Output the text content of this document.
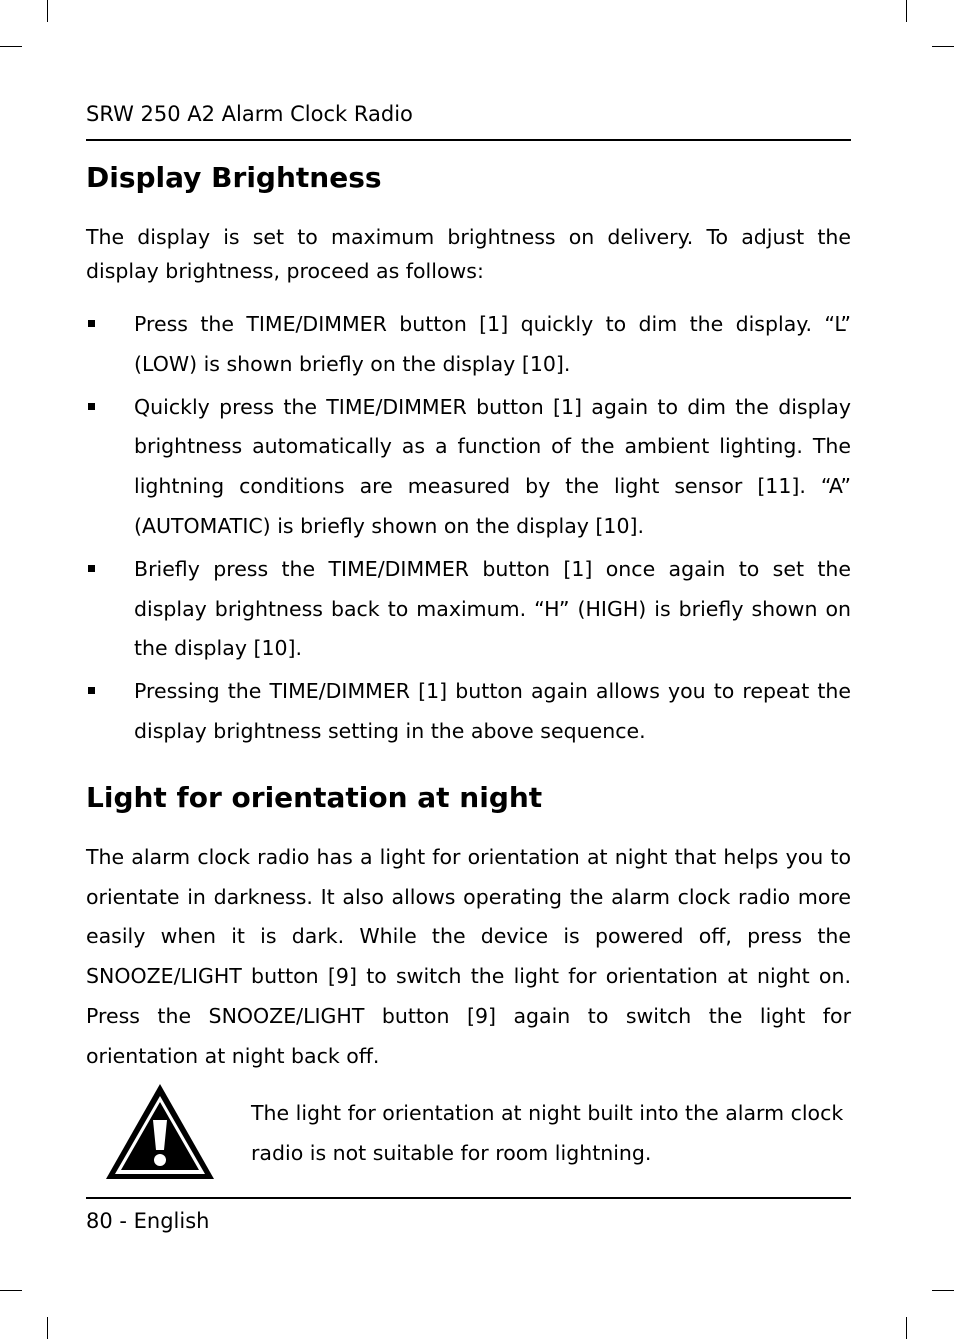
SRW 250 A2 Alarm Clock Radio
Display Brightness
The display is set to maximum brightness on delivery. To adjust the display brightness, proceed as follows:
Press the TIME/DIMMER button [1] quickly to dim the display. “L” (LOW) is shown briefly on the display [10].
Quickly press the TIME/DIMMER button [1] again to dim the display brightness automatically as a function of the ambient lighting. The lightning conditions are measured by the light sensor [11]. “A” (AUTOMATIC) is briefly shown on the display [10].
Briefly press the TIME/DIMMER button [1] once again to set the display brightness back to maximum. “H” (HIGH) is briefly shown on the display [10].
Pressing the TIME/DIMMER [1] button again allows you to repeat the display brightness setting in the above sequence.
Light for orientation at night
The alarm clock radio has a light for orientation at night that helps you to orientate in darkness. It also allows operating the alarm clock radio more easily when it is dark. While the device is powered off, press the SNOOZE/LIGHT button [9] to switch the light for orientation at night on. Press the SNOOZE/LIGHT button [9] again to switch the light for orientation at night back off.
The light for orientation at night built into the alarm clock radio is not suitable for room lightning.
80 - English
